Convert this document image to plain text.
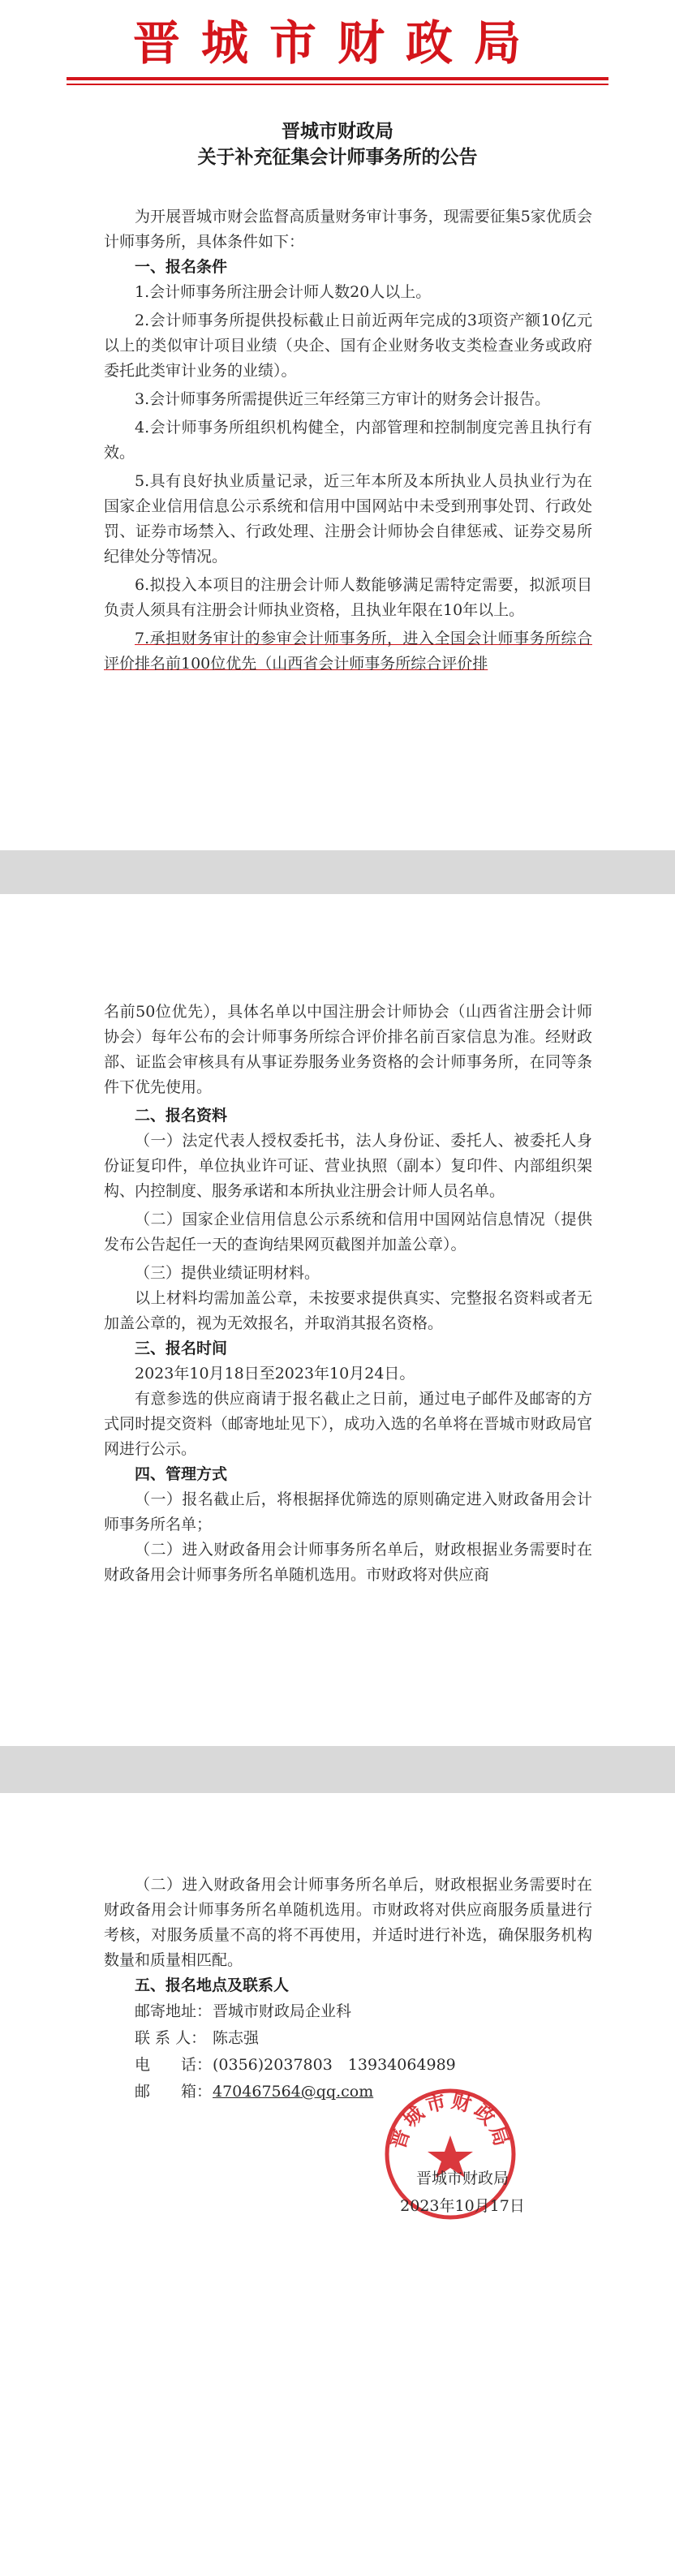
晋城市财政局
晋城市财政局
关于补充征集会计师事务所的公告

为开展晋城市财会监督高质量财务审计事务，现需要征集5家优质会计师事务所，具体条件如下：

一、报名条件

1.会计师事务所注册会计师人数20人以上。

2.会计师事务所提供投标截止日前近两年完成的3项资产额10亿元以上的类似审计项目业绩（央企、国有企业财务收支类检查业务或政府委托此类审计业务的业绩）。

3.会计师事务所需提供近三年经第三方审计的财务会计报告。

4.会计师事务所组织机构健全，内部管理和控制制度完善且执行有效。

5.具有良好执业质量记录，近三年本所及本所执业人员执业行为在国家企业信用信息公示系统和信用中国网站中未受到刑事处罚、行政处罚、证券市场禁入、行政处理、注册会计师协会自律惩戒、证券交易所纪律处分等情况。

6.拟投入本项目的注册会计师人数能够满足需特定需要，拟派项目负责人须具有注册会计师执业资格，且执业年限在10年以上。

7.承担财务审计的参审会计师事务所，进入全国会计师事务所综合评价排名前100位优先（山西省会计师事务所综合评价排

名前50位优先），具体名单以中国注册会计师协会（山西省注册会计师协会）每年公布的会计师事务所综合评价排名前百家信息为准。经财政部、证监会审核具有从事证券服务业务资格的会计师事务所，在同等条件下优先使用。

二、报名资料

（一）法定代表人授权委托书，法人身份证、委托人、被委托人身份证复印件，单位执业许可证、营业执照（副本）复印件、内部组织架构、内控制度、服务承诺和本所执业注册会计师人员名单。

（二）国家企业信用信息公示系统和信用中国网站信息情况（提供发布公告起任一天的查询结果网页截图并加盖公章）。

（三）提供业绩证明材料。

以上材料均需加盖公章，未按要求提供真实、完整报名资料或者无加盖公章的，视为无效报名，并取消其报名资格。

三、报名时间

2023年10月18日至2023年10月24日。

有意参选的供应商请于报名截止之日前，通过电子邮件及邮寄的方式同时提交资料（邮寄地址见下），成功入选的名单将在晋城市财政局官网进行公示。

四、管理方式

（一）报名截止后，将根据择优筛选的原则确定进入财政备用会计师事务所名单；

（二）进入财政备用会计师事务所名单后，财政根据业务需要时在财政备用会计师事务所名单随机选用。市财政将对供应商

（二）进入财政备用会计师事务所名单后，财政根据业务需要时在财政备用会计师事务所名单随机选用。市财政将对供应商服务质量进行考核，对服务质量不高的将不再使用，并适时进行补选，确保服务机构数量和质量相匹配。

五、报名地点及联系人
邮寄地址：晋城市财政局企业科
联 系 人： 陈志强
电　　话：(0356)2037803　13934064989
邮　　箱：470467564@qq.com
晋城市财政局
晋城市财政局
2023年10月17日
